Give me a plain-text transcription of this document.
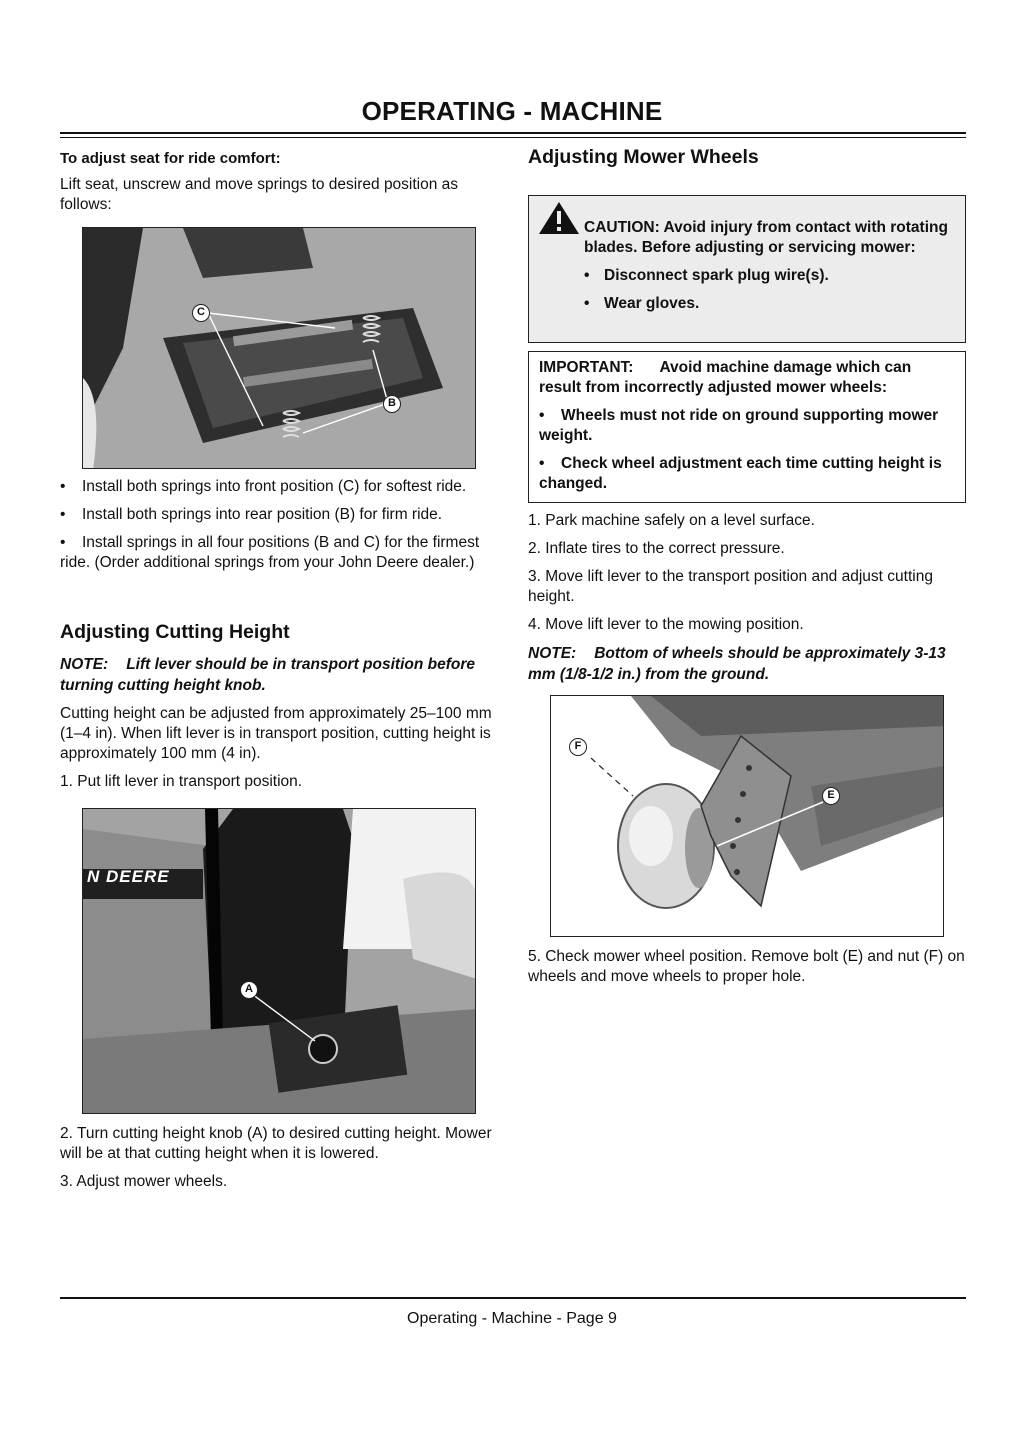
OPERATING - MACHINE
To adjust seat for ride comfort:
Lift seat, unscrew and move springs to desired position as follows:
C
B
• Install both springs into front position (C) for softest ride.
• Install both springs into rear position (B) for firm ride.
• Install springs in all four positions (B and C) for the firmest ride. (Order additional springs from your John Deere dealer.)
Adjusting Cutting Height
NOTE: Lift lever should be in transport position before turning cutting height knob.
Cutting height can be adjusted from approximately 25–100 mm (1–4 in). When lift lever is in transport position, cutting height is approximately 100 mm (4 in).
1. Put lift lever in transport position.
N DEERE
A
2. Turn cutting height knob (A) to desired cutting height. Mower will be at that cutting height when it is lowered.
3. Adjust mower wheels.
Adjusting Mower Wheels
CAUTION: Avoid injury from contact with rotating blades. Before adjusting or servicing mower:
• Disconnect spark plug wire(s).
• Wear gloves.
IMPORTANT: Avoid machine damage which can result from incorrectly adjusted mower wheels:
• Wheels must not ride on ground supporting mower weight.
• Check wheel adjustment each time cutting height is changed.
1. Park machine safely on a level surface.
2. Inflate tires to the correct pressure.
3. Move lift lever to the transport position and adjust cutting height.
4. Move lift lever to the mowing position.
NOTE: Bottom of wheels should be approximately 3-13 mm (1/8-1/2 in.) from the ground.
F
E
5. Check mower wheel position. Remove bolt (E) and nut (F) on wheels and move wheels to proper hole.
Operating - Machine - Page 9
